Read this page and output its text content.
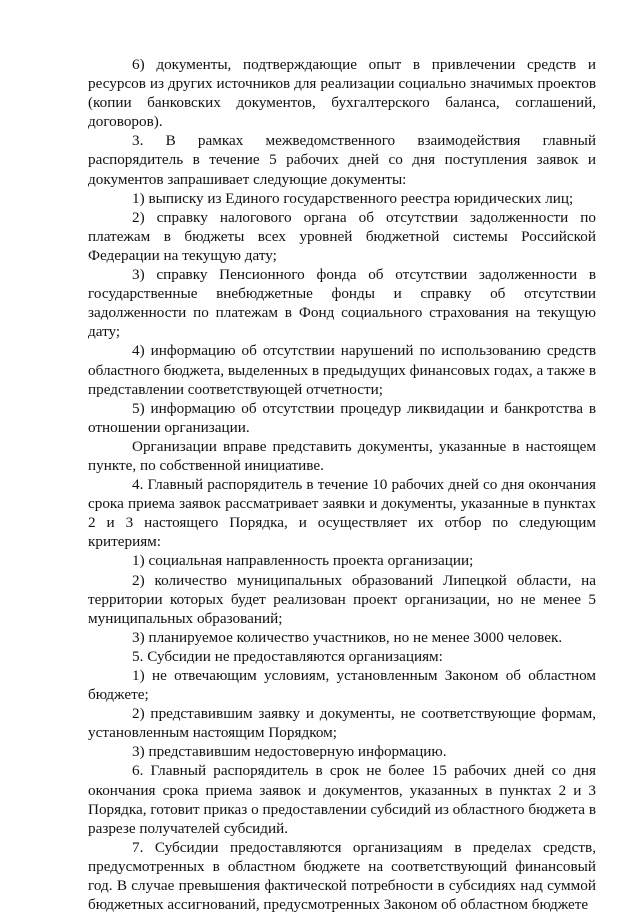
6) документы, подтверждающие опыт в привлечении средств и ресурсов из других источников для реализации социально значимых проектов (копии банковских документов, бухгалтерского баланса, соглашений, договоров).

3. В рамках межведомственного взаимодействия главный распорядитель в течение 5 рабочих дней со дня поступления заявок и документов запрашивает следующие документы:

1) выписку из Единого государственного реестра юридических лиц;

2) справку налогового органа об отсутствии задолженности по платежам в бюджеты всех уровней бюджетной системы Российской Федерации на текущую дату;

3) справку Пенсионного фонда об отсутствии задолженности в государственные внебюджетные фонды и справку об отсутствии задолженности по платежам в Фонд социального страхования на текущую дату;

4) информацию об отсутствии нарушений по использованию средств областного бюджета, выделенных в предыдущих финансовых годах, а также в представлении соответствующей отчетности;

5) информацию об отсутствии процедур ликвидации и банкротства в отношении организации.

Организации вправе представить документы, указанные в настоящем пункте, по собственной инициативе.

4. Главный распорядитель в течение 10 рабочих дней со дня окончания срока приема заявок рассматривает заявки и документы, указанные в пунктах 2 и 3 настоящего Порядка, и осуществляет их отбор по следующим критериям:

1) социальная направленность проекта организации;

2) количество муниципальных образований Липецкой области, на территории которых будет реализован проект организации, но не менее 5 муниципальных образований;

3) планируемое количество участников, но не менее 3000 человек.

5. Субсидии не предоставляются организациям:

1) не отвечающим условиям, установленным Законом об областном бюджете;

2) представившим заявку и документы, не соответствующие формам, установленным настоящим Порядком;

3) представившим недостоверную информацию.

6. Главный распорядитель в срок не более 15 рабочих дней со дня окончания срока приема заявок и документов, указанных в пунктах 2 и 3 Порядка, готовит приказ о предоставлении субсидий из областного бюджета в разрезе получателей субсидий.

7. Субсидии предоставляются организациям в пределах средств, предусмотренных в областном бюджете на соответствующий финансовый год. В случае превышения фактической потребности в субсидиях над суммой бюджетных ассигнований, предусмотренных Законом об областном бюджете
